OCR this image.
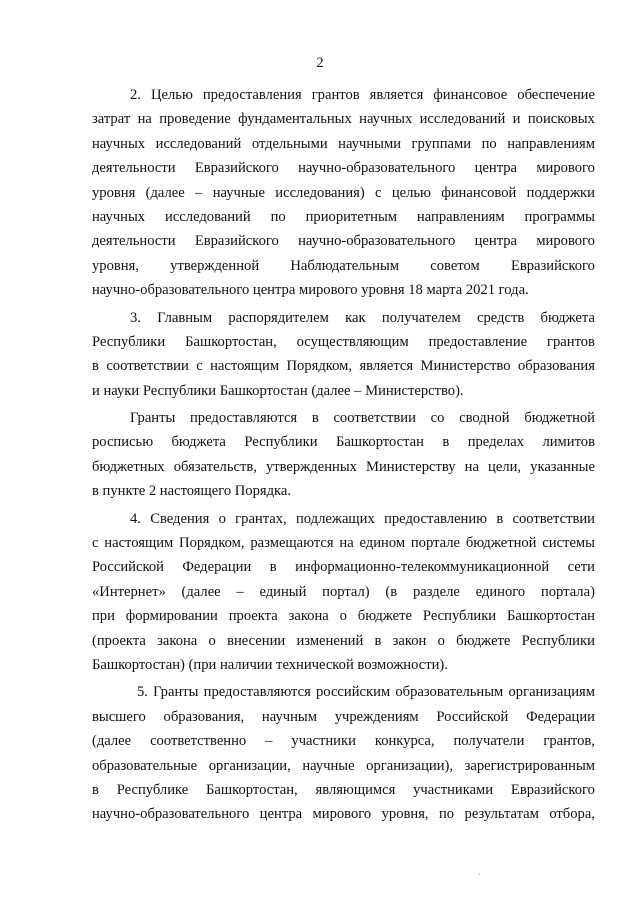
2
2. Целью предоставления грантов является финансовое обеспечение
затрат на проведение фундаментальных научных исследований и поисковых
научных исследований отдельными научными группами по направлениям
деятельности Евразийского научно-образовательного центра мирового
уровня (далее – научные исследования) с целью финансовой поддержки
научных исследований по приоритетным направлениям программы
деятельности Евразийского научно-образовательного центра мирового
уровня, утвержденной Наблюдательным советом Евразийского
научно-образовательного центра мирового уровня 18 марта 2021 года.
3. Главным распорядителем как получателем средств бюджета
Республики Башкортостан, осуществляющим предоставление грантов
в соответствии с настоящим Порядком, является Министерство образования
и науки Республики Башкортостан (далее – Министерство).
Гранты предоставляются в соответствии со сводной бюджетной
росписью бюджета Республики Башкортостан в пределах лимитов
бюджетных обязательств, утвержденных Министерству на цели, указанные
в пункте 2 настоящего Порядка.
4. Сведения о грантах, подлежащих предоставлению в соответствии
с настоящим Порядком, размещаются на едином портале бюджетной системы
Российской Федерации в информационно-телекоммуникационной сети
«Интернет» (далее – единый портал) (в разделе единого портала)
при формировании проекта закона о бюджете Республики Башкортостан
(проекта закона о внесении изменений в закон о бюджете Республики
Башкортостан) (при наличии технической возможности).
5. Гранты предоставляются российским образовательным организациям
высшего образования, научным учреждениям Российской Федерации
(далее соответственно – участники конкурса, получатели грантов,
образовательные организации, научные организации), зарегистрированным
в Республике Башкортостан, являющимся участниками Евразийского
научно-образовательного центра мирового уровня, по результатам отбора,
·
